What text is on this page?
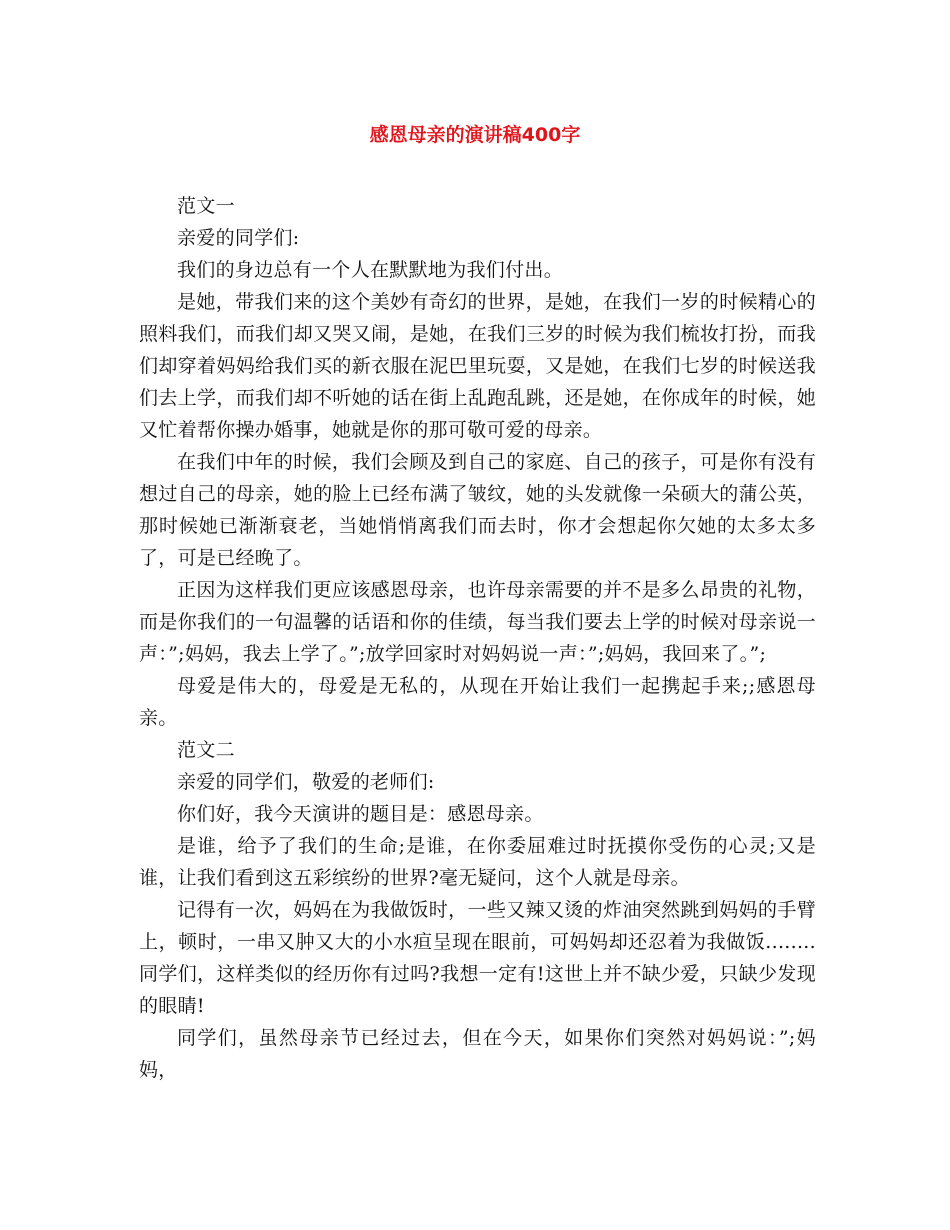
感恩母亲的演讲稿400字

范文一

亲爱的同学们:

我们的身边总有一个人在默默地为我们付出。

是她，带我们来的这个美妙有奇幻的世界，是她，在我们一岁的时候精心的照料我们，而我们却又哭又闹，是她，在我们三岁的时候为我们梳妆打扮，而我们却穿着妈妈给我们买的新衣服在泥巴里玩耍，又是她，在我们七岁的时候送我们去上学，而我们却不听她的话在街上乱跑乱跳，还是她，在你成年的时候，她又忙着帮你操办婚事，她就是你的那可敬可爱的母亲。

在我们中年的时候，我们会顾及到自己的家庭、自己的孩子，可是你有没有想过自己的母亲，她的脸上已经布满了皱纹，她的头发就像一朵硕大的蒲公英，那时候她已渐渐衰老，当她悄悄离我们而去时，你才会想起你欠她的太多太多了，可是已经晚了。

正因为这样我们更应该感恩母亲，也许母亲需要的并不是多么昂贵的礼物，而是你我们的一句温馨的话语和你的佳绩，每当我们要去上学的时候对母亲说一声：”;妈妈，我去上学了。”;放学回家时对妈妈说一声：”;妈妈，我回来了。”;

母爱是伟大的，母爱是无私的，从现在开始让我们一起携起手来;;感恩母亲。

范文二

亲爱的同学们，敬爱的老师们:

你们好，我今天演讲的题目是：感恩母亲。

是谁，给予了我们的生命;是谁，在你委屈难过时抚摸你受伤的心灵;又是谁，让我们看到这五彩缤纷的世界?毫无疑问，这个人就是母亲。

记得有一次，妈妈在为我做饭时，一些又辣又烫的炸油突然跳到妈妈的手臂上，顿时，一串又肿又大的小水疸呈现在眼前，可妈妈却还忍着为我做饭........同学们，这样类似的经历你有过吗?我想一定有!这世上并不缺少爱，只缺少发现的眼睛!

同学们，虽然母亲节已经过去，但在今天，如果你们突然对妈妈说：”;妈妈，
